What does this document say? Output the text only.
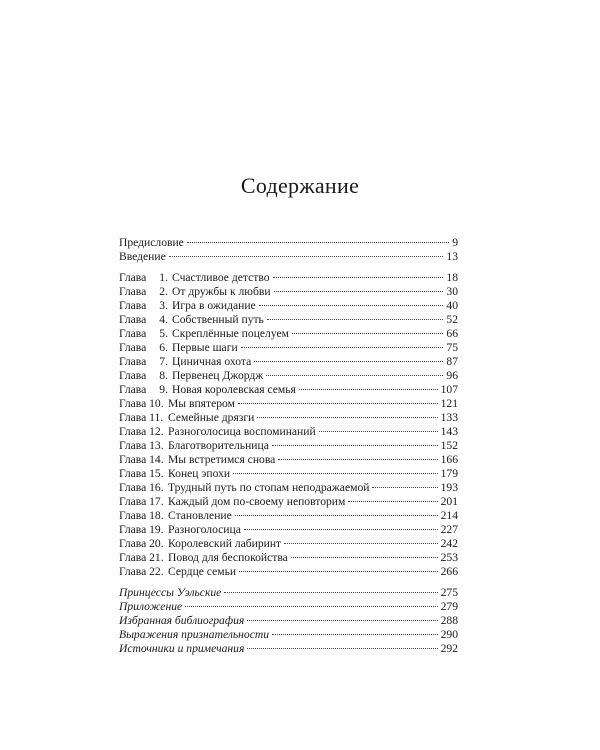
Содержание
Предисловие	9
Введение	13
Глава 1. Счастливое детство	18
Глава 2. От дружбы к любви	30
Глава 3. Игра в ожидание	40
Глава 4. Собственный путь	52
Глава 5. Скреплённые поцелуем	66
Глава 6. Первые шаги	75
Глава 7. Циничная охота	87
Глава 8. Первенец Джордж	96
Глава 9. Новая королевская семья	107
Глава 10. Мы впятером	121
Глава 11. Семейные дрязги	133
Глава 12. Разноголосица воспоминаний	143
Глава 13. Благотворительница	152
Глава 14. Мы встретимся снова	166
Глава 15. Конец эпохи	179
Глава 16. Трудный путь по стопам неподражаемой	193
Глава 17. Каждый дом по-своему неповторим	201
Глава 18. Становление	214
Глава 19. Разноголосица	227
Глава 20. Королевский лабиринт	242
Глава 21. Повод для беспокойства	253
Глава 22. Сердце семьи	266
Принцессы Уэльские	275
Приложение	279
Избранная библиография	288
Выражения признательности	290
Источники и примечания	292
